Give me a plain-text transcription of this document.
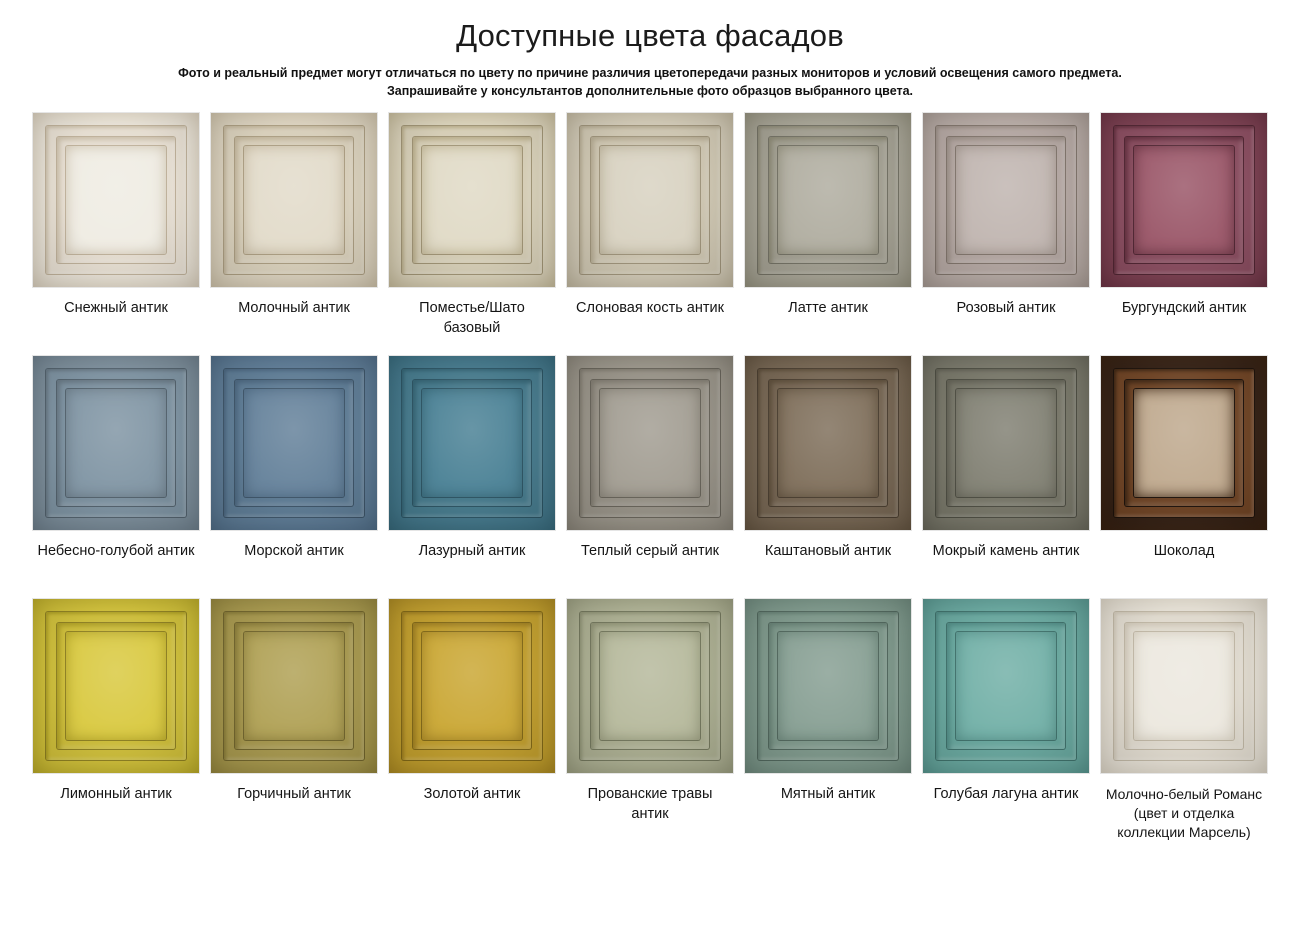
Доступные цвета фасадов
Фото и реальный предмет могут отличаться по цвету по причине различия цветопередачи разных мониторов и условий освещения самого предмета.
Запрашивайте у консультантов дополнительные фото образцов выбранного цвета.
Снежный антик	Молочный антик	Поместье/Шато базовый
Слоновая кость антик	Латте антик	Розовый антик	Бургундский антик
Небесно-голубой антик	Морской антик	Лазурный антик	Теплый серый антик	Каштановый антик	Мокрый камень антик	Шоколад
Лимонный антик	Горчичный антик	Золотой антик	Прованские травы антик
Мятный антик	Голубая лагуна антик	Молочно-белый Романс (цвет и отделка коллекции Марсель)
